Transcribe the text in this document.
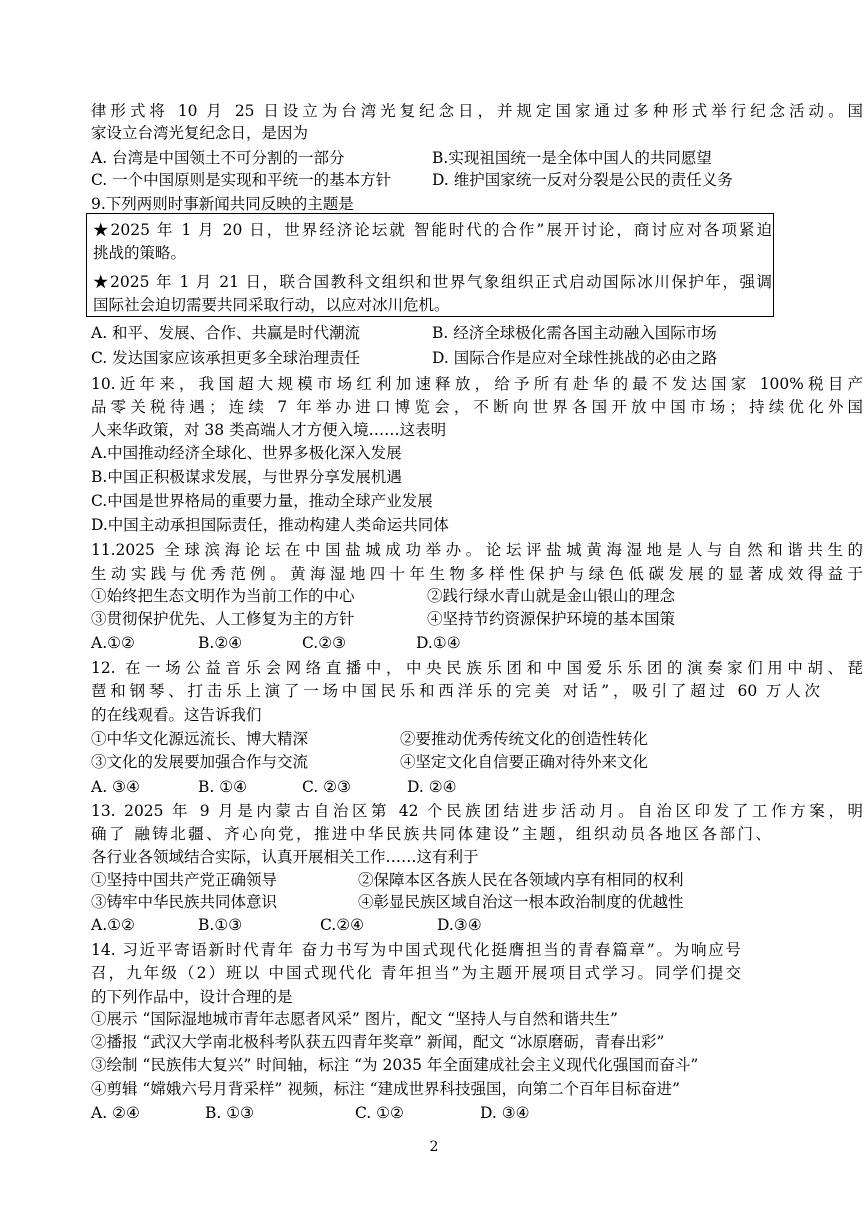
律形式将 10 月 25 日设立为台湾光复纪念日，并规定国家通过多种形式举行纪念活动。国
家设立台湾光复纪念日，是因为
A. 台湾是中国领土不可分割的一部分	B.实现祖国统一是全体中国人的共同愿望
C. 一个中国原则是实现和平统一的基本方针	D. 维护国家统一反对分裂是公民的责任义务
9.下列两则时事新闻共同反映的主题是
★2025 年 1 月 20 日，世界经济论坛就 智能时代的合作”展开讨论，商讨应对各项紧迫
挑战的策略。
★2025 年 1 月 21 日，联合国教科文组织和世界气象组织正式启动国际冰川保护年，强调
国际社会迫切需要共同采取行动，以应对冰川危机。
A. 和平、发展、合作、共赢是时代潮流	B. 经济全球极化需各国主动融入国际市场
C. 发达国家应该承担更多全球治理责任	D. 国际合作是应对全球性挑战的必由之路
10.近年来，我国超大规模市场红利加速释放，给予所有赴华的最不发达国家 100%税目产
品零关税待遇；连续 7 年举办进口博览会，不断向世界各国开放中国市场；持续优化外国
人来华政策，对 38 类高端人才方便入境……这表明
A.中国推动经济全球化、世界多极化深入发展
B.中国正积极谋求发展，与世界分享发展机遇
C.中国是世界格局的重要力量，推动全球产业发展
D.中国主动承担国际责任，推动构建人类命运共同体
11.2025 全球滨海论坛在中国盐城成功举办。论坛评盐城黄海湿地是人与自然和谐共生的
生动实践与优秀范例。黄海湿地四十年生物多样性保护与绿色低碳发展的显著成效得益于
①始终把生态文明作为当前工作的中心	②践行绿水青山就是金山银山的理念
③贯彻保护优先、人工修复为主的方针	④坚持节约资源保护环境的基本国策
A.①②	B.②④	C.②③	D.①④
12. 在一场公益音乐会网络直播中，中央民族乐团和中国爱乐乐团的演奏家们用中胡、琵
琶和钢琴、打击乐上演了一场中国民乐和西洋乐的完美 对话”，吸引了超过 60 万人次
的在线观看。这告诉我们
①中华文化源远流长、博大精深	②要推动优秀传统文化的创造性转化
③文化的发展要加强合作与交流	④坚定文化自信要正确对待外来文化
A. ③④	B. ①④	C. ②③	D. ②④
13. 2025 年 9 月是内蒙古自治区第 42 个民族团结进步活动月。自治区印发了工作方案，明
确了 融铸北疆、齐心向党，推进中华民族共同体建设”主题，组织动员各地区各部门、
各行业各领域结合实际，认真开展相关工作……这有利于
①坚持中国共产党正确领导	②保障本区各族人民在各领域内享有相同的权利
③铸牢中华民族共同体意识	④彰显民族区域自治这一根本政治制度的优越性
A.①②	B.①③	C.②④	D.③④
14. 习近平寄语新时代青年 奋力书写为中国式现代化挺膺担当的青春篇章”。为响应号
召，九年级（2）班以 中国式现代化 青年担当”为主题开展项目式学习。同学们提交
的下列作品中，设计合理的是
①展示 “国际湿地城市青年志愿者风采” 图片，配文 “坚持人与自然和谐共生”
②播报 “武汉大学南北极科考队获五四青年奖章” 新闻，配文 “冰原磨砺，青春出彩”
③绘制 “民族伟大复兴” 时间轴，标注 “为 2035 年全面建成社会主义现代化强国而奋斗”
④剪辑 “嫦娥六号月背采样” 视频，标注 “建成世界科技强国，向第二个百年目标奋进”
A. ②④	B. ①③	C. ①②	D. ③④
2
